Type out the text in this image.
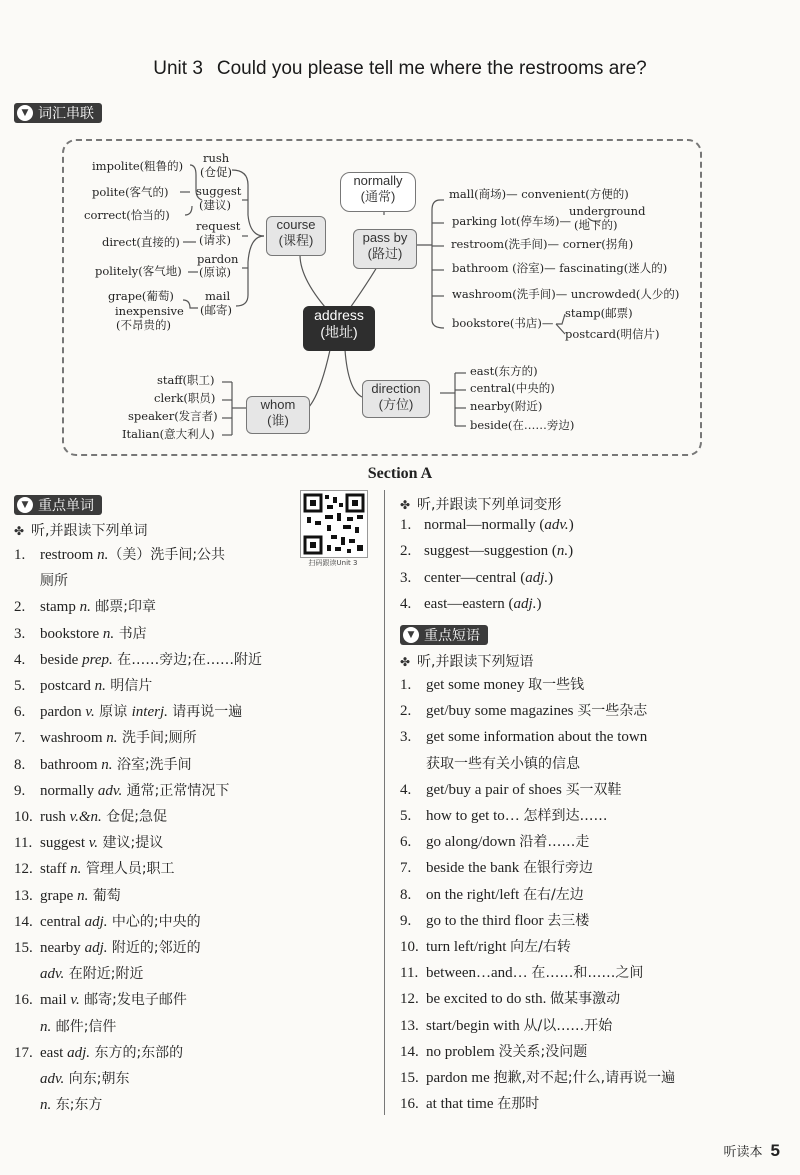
Unit 3 Could you please tell me where the restrooms are?
▼ 词汇串联
course
(课程)	pass by
(路过)
normally
(通常)
address
(地址)
direction
(方位)
whom
(谁)
impolite(粗鲁的)
polite(客气的)
correct(恰当的)
direct(直接的)
politely(客气地)
grape(葡萄)
inexpensive
(不昂贵的)
rush
(仓促)
suggest
(建议)
request
(请求)
pardon
(原谅)
mail
(邮寄)
mall(商场)— convenient(方便的)
parking lot(停车场)—
underground
(地下的)
restroom(洗手间)— corner(拐角)
bathroom (浴室)— fascinating(迷人的)
washroom(洗手间)— uncrowded(人少的)
bookstore(书店)—
stamp(邮票)
postcard(明信片)
east(东方的)
central(中央的)
nearby(附近)
beside(在……旁边)
staff(职工)
clerk(职员)
speaker(发言者)
Italian(意大利人)
Section A
▼ 重点单词
✤ 听,并跟读下列单词
扫码跟读Unit 3
1. restroom n.（美）洗手间;公共
厕所
2. stamp n. 邮票;印章
3. bookstore n. 书店
4. beside prep. 在……旁边;在……附近
5. postcard n. 明信片
6. pardon v. 原谅 interj. 请再说一遍
7. washroom n. 洗手间;厕所
8. bathroom n. 浴室;洗手间
9. normally adv. 通常;正常情况下
10. rush v.&n. 仓促;急促
11. suggest v. 建议;提议
12. staff n. 管理人员;职工
13. grape n. 葡萄
14. central adj. 中心的;中央的
15. nearby adj. 附近的;邻近的
adv. 在附近;附近
16. mail v. 邮寄;发电子邮件
n. 邮件;信件
17. east adj. 东方的;东部的
adv. 向东;朝东
n. 东;东方
✤ 听,并跟读下列单词变形
1. normal—normally (adv.)
2. suggest—suggestion (n.)
3. center—central (adj.)
4. east—eastern (adj.)
▼ 重点短语
✤ 听,并跟读下列短语
1. get some money 取一些钱
2. get/buy some magazines 买一些杂志
3. get some information about the town
获取一些有关小镇的信息
4. get/buy a pair of shoes 买一双鞋
5. how to get to… 怎样到达……
6. go along/down 沿着……走
7. beside the bank 在银行旁边
8. on the right/left 在右/左边
9. go to the third floor 去三楼
10. turn left/right 向左/右转
11. between…and… 在……和……之间
12. be excited to do sth. 做某事激动
13. start/begin with 从/以……开始
14. no problem 没关系;没问题
15. pardon me 抱歉,对不起;什么,请再说一遍
16. at that time 在那时
听读本 5
